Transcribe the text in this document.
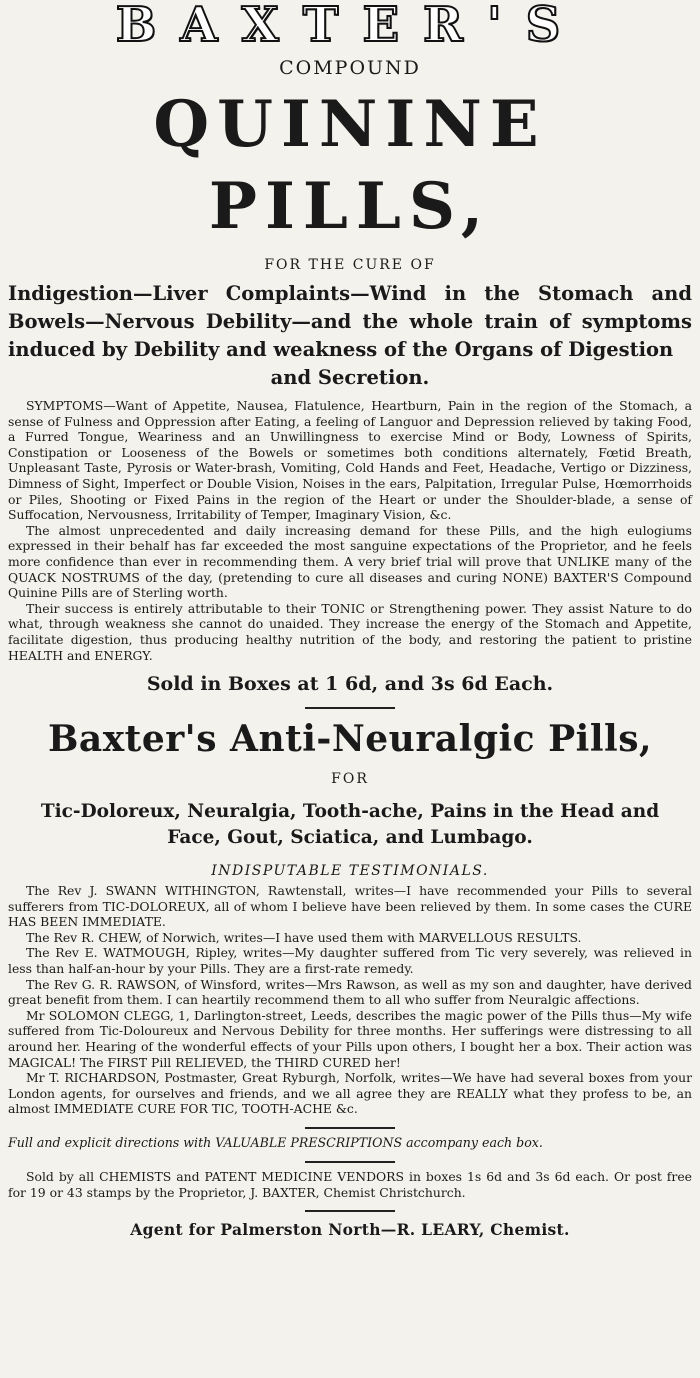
BAXTER'S
COMPOUND
QUININE PILLS,
FOR THE CURE OF
Indigestion—Liver Complaints—Wind in the Stomach and Bowels—Nervous Debility—and the whole train of symptoms induced by Debility and weakness of the Organs of Digestion
and Secretion.

SYMPTOMS—Want of Appetite, Nausea, Flatulence, Heartburn, Pain in the region of the Stomach, a sense of Fulness and Oppression after Eating, a feeling of Languor and Depression relieved by taking Food, a Furred Tongue, Weariness and an Unwillingness to exercise Mind or Body, Lowness of Spirits, Constipation or Looseness of the Bowels or sometimes both conditions alternately, Fœtid Breath, Unpleasant Taste, Pyrosis or Water-brash, Vomiting, Cold Hands and Feet, Headache, Vertigo or Dizziness, Dimness of Sight, Imperfect or Double Vision, Noises in the ears, Palpitation, Irregular Pulse, Hœmorrhoids or Piles, Shooting or Fixed Pains in the region of the Heart or under the Shoulder-blade, a sense of Suffocation, Nervousness, Irritability of Temper, Imaginary Vision, &c.

The almost unprecedented and daily increasing demand for these Pills, and the high eulogiums expressed in their behalf has far exceeded the most sanguine expectations of the Proprietor, and he feels more confidence than ever in recommending them. A very brief trial will prove that UNLIKE many of the QUACK NOSTRUMS of the day, (pretending to cure all diseases and curing NONE) BAXTER'S Compound Quinine Pills are of Sterling worth.

Their success is entirely attributable to their TONIC or Strengthening power. They assist Nature to do what, through weakness she cannot do unaided. They increase the energy of the Stomach and Appetite, facilitate digestion, thus producing healthy nutrition of the body, and restoring the patient to pristine HEALTH and ENERGY.

Sold in Boxes at 1 6d, and 3s 6d Each.
Baxter's Anti-Neuralgic Pills,
FOR
Tic-Doloreux, Neuralgia, Tooth-ache, Pains in the Head and
Face, Gout, Sciatica, and Lumbago.
INDISPUTABLE TESTIMONIALS.

The Rev J. SWANN WITHINGTON, Rawtenstall, writes—I have recommended your Pills to several sufferers from TIC-DOLOREUX, all of whom I believe have been relieved by them. In some cases the CURE HAS BEEN IMMEDIATE.

The Rev R. CHEW, of Norwich, writes—I have used them with MARVELLOUS RESULTS.

The Rev E. WATMOUGH, Ripley, writes—My daughter suffered from Tic very severely, was relieved in less than half-an-hour by your Pills. They are a first-rate remedy.

The Rev G. R. RAWSON, of Winsford, writes—Mrs Rawson, as well as my son and daughter, have derived great benefit from them. I can heartily recommend them to all who suffer from Neuralgic affections.

Mr SOLOMON CLEGG, 1, Darlington-street, Leeds, describes the magic power of the Pills thus—My wife suffered from Tic-Doloureux and Nervous Debility for three months. Her sufferings were distressing to all around her. Hearing of the wonderful effects of your Pills upon others, I bought her a box. Their action was MAGICAL! The FIRST Pill RELIEVED, the THIRD CURED her!

Mr T. RICHARDSON, Postmaster, Great Ryburgh, Norfolk, writes—We have had several boxes from your London agents, for ourselves and friends, and we all agree they are REALLY what they profess to be, an almost IMMEDIATE CURE FOR TIC, TOOTH-ACHE &c.

Full and explicit directions with VALUABLE PRESCRIPTIONS accompany each box.

Sold by all CHEMISTS and PATENT MEDICINE VENDORS in boxes 1s 6d and 3s 6d each. Or post free for 19 or 43 stamps by the Proprietor, J. BAXTER, Chemist Christchurch.

Agent for Palmerston North—R. LEARY, Chemist.
